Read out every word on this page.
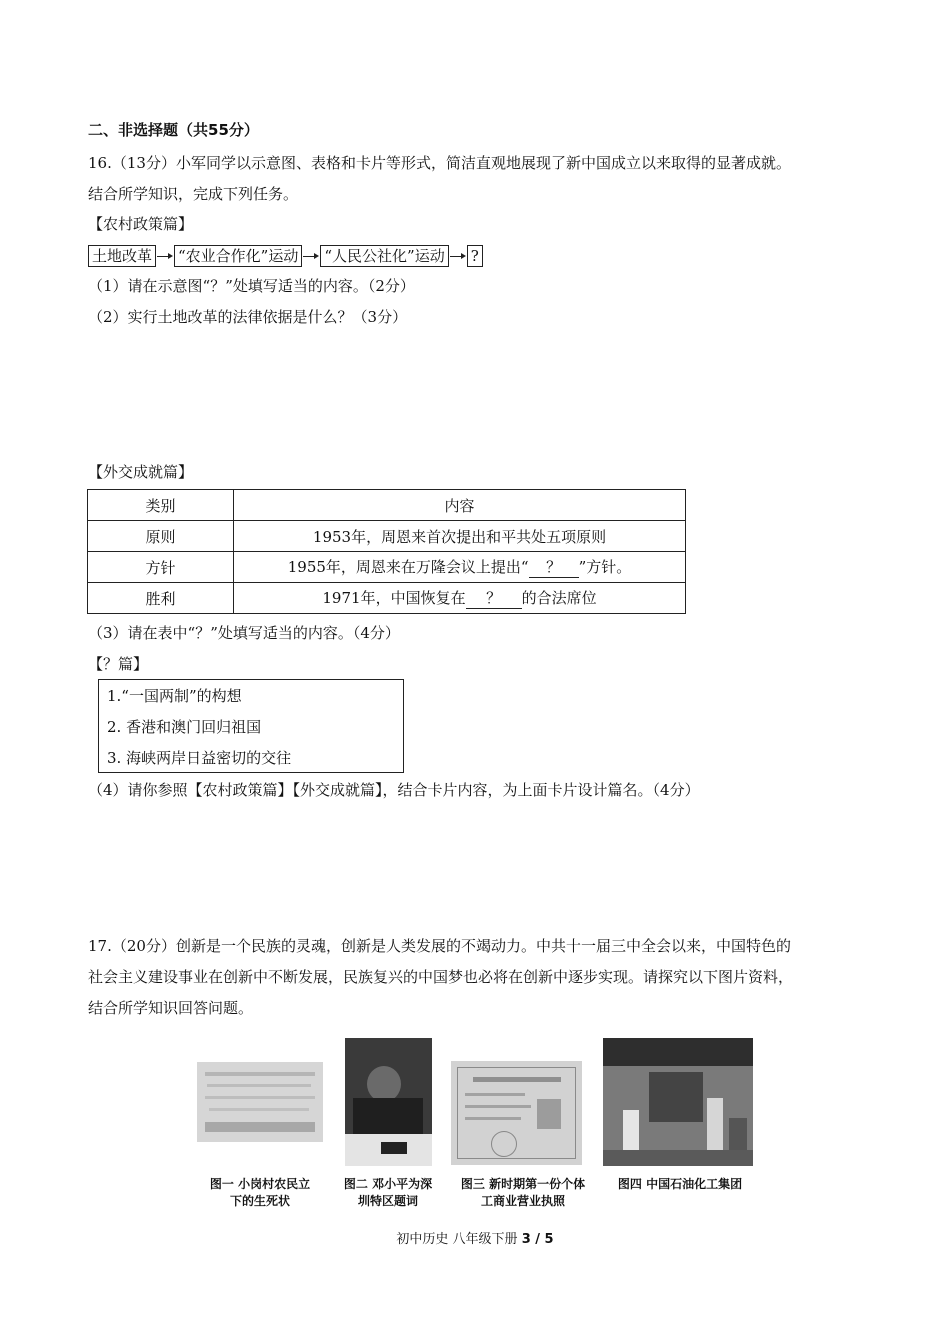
二、非选择题（共55分）
16.（13分）小军同学以示意图、表格和卡片等形式，简洁直观地展现了新中国成立以来取得的显著成就。
结合所学知识，完成下列任务。
【农村政策篇】
土地改革 “农业合作化”运动 “人民公社化”运动 ?
（1）请在示意图“？”处填写适当的内容。（2分）
（2）实行土地改革的法律依据是什么？（3分）
【外交成就篇】
类别	内容
原则	1953年，周恩来首次提出和平共处五项原则
方针	1955年，周恩来在万隆会议上提出“ ？ ”方针。
胜利	1971年，中国恢复在 ？ 的合法席位
（3）请在表中“？”处填写适当的内容。（4分）
【？篇】
1.“一国两制”的构想
2. 香港和澳门回归祖国
3. 海峡两岸日益密切的交往
（4）请你参照【农村政策篇】【外交成就篇】，结合卡片内容，为上面卡片设计篇名。（4分）
17.（20分）创新是一个民族的灵魂，创新是人类发展的不竭动力。中共十一届三中全会以来，中国特色的
社会主义建设事业在创新中不断发展，民族复兴的中国梦也必将在创新中逐步实现。请探究以下图片资料，
结合所学知识回答问题。
图一 小岗村农民立
下的生死状
图二 邓小平为深
圳特区题词
图三 新时期第一份个体
工商业营业执照
图四 中国石油化工集团
初中历史 八年级下册 3 / 5
